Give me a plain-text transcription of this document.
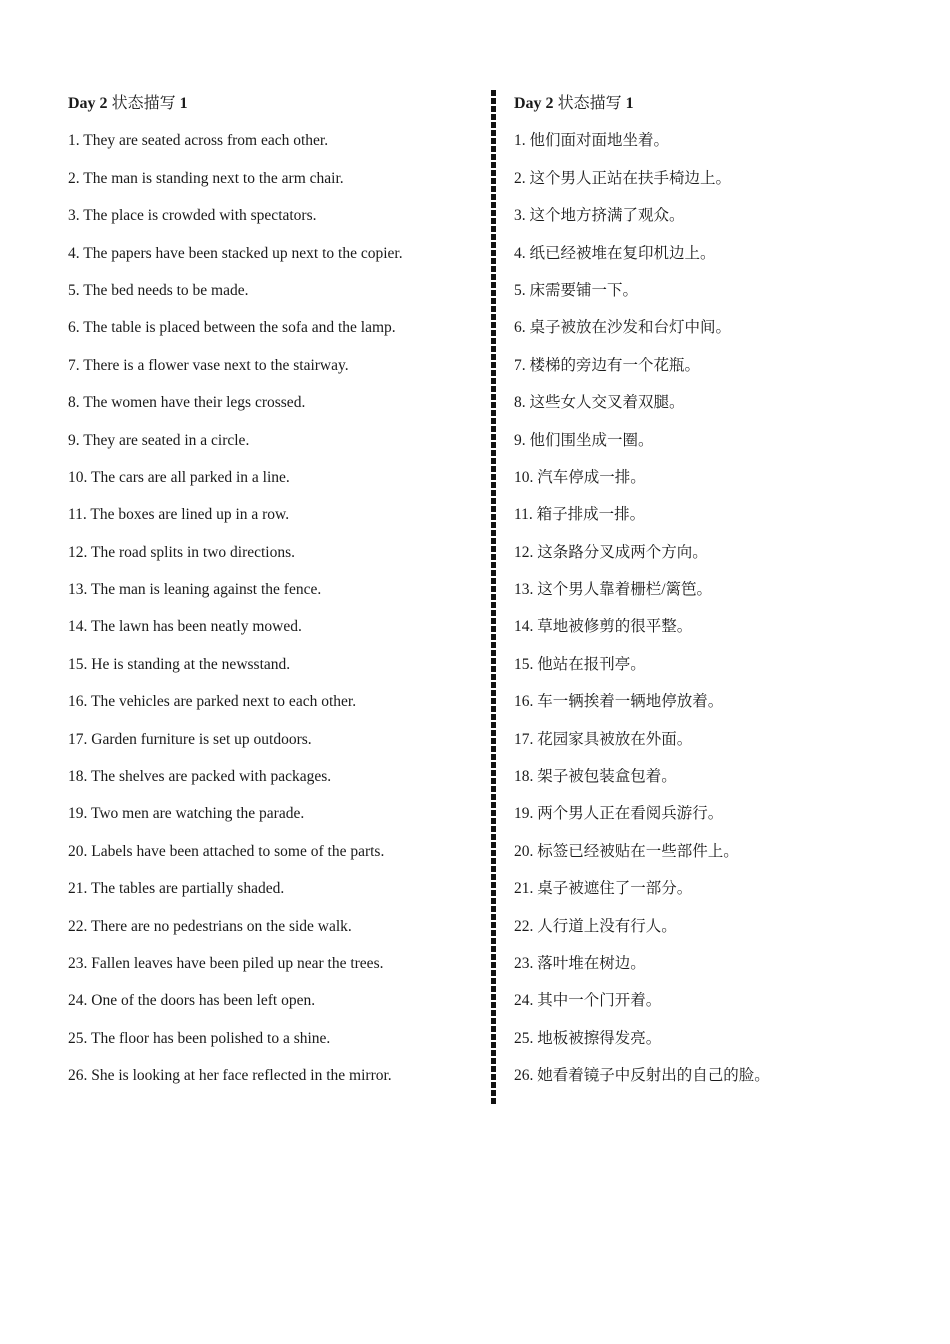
Day 2 状态描写 1
1. They are seated across from each other.
2. The man is standing next to the arm chair.
3. The place is crowded with spectators.
4. The papers have been stacked up next to the copier.
5. The bed needs to be made.
6. The table is placed between the sofa and the lamp.
7. There is a flower vase next to the stairway.
8. The women have their legs crossed.
9. They are seated in a circle.
10. The cars are all parked in a line.
11. The boxes are lined up in a row.
12. The road splits in two directions.
13. The man is leaning against the fence.
14. The lawn has been neatly mowed.
15. He is standing at the newsstand.
16. The vehicles are parked next to each other.
17. Garden furniture is set up outdoors.
18. The shelves are packed with packages.
19. Two men are watching the parade.
20. Labels have been attached to some of the parts.
21. The tables are partially shaded.
22. There are no pedestrians on the side walk.
23. Fallen leaves have been piled up near the trees.
24. One of the doors has been left open.
25. The floor has been polished to a shine.
26. She is looking at her face reflected in the mirror.
Day 2 状态描写 1
1. 他们面对面地坐着。
2. 这个男人正站在扶手椅边上。
3. 这个地方挤满了观众。
4. 纸已经被堆在复印机边上。
5. 床需要铺一下。
6. 桌子被放在沙发和台灯中间。
7. 楼梯的旁边有一个花瓶。
8. 这些女人交叉着双腿。
9. 他们围坐成一圈。
10. 汽车停成一排。
11. 箱子排成一排。
12. 这条路分叉成两个方向。
13. 这个男人靠着栅栏/篱笆。
14. 草地被修剪的很平整。
15. 他站在报刊亭。
16. 车一辆挨着一辆地停放着。
17. 花园家具被放在外面。
18. 架子被包装盒包着。
19. 两个男人正在看阅兵游行。
20. 标签已经被贴在一些部件上。
21. 桌子被遮住了一部分。
22. 人行道上没有行人。
23. 落叶堆在树边。
24. 其中一个门开着。
25. 地板被擦得发亮。
26. 她看着镜子中反射出的自己的脸。
